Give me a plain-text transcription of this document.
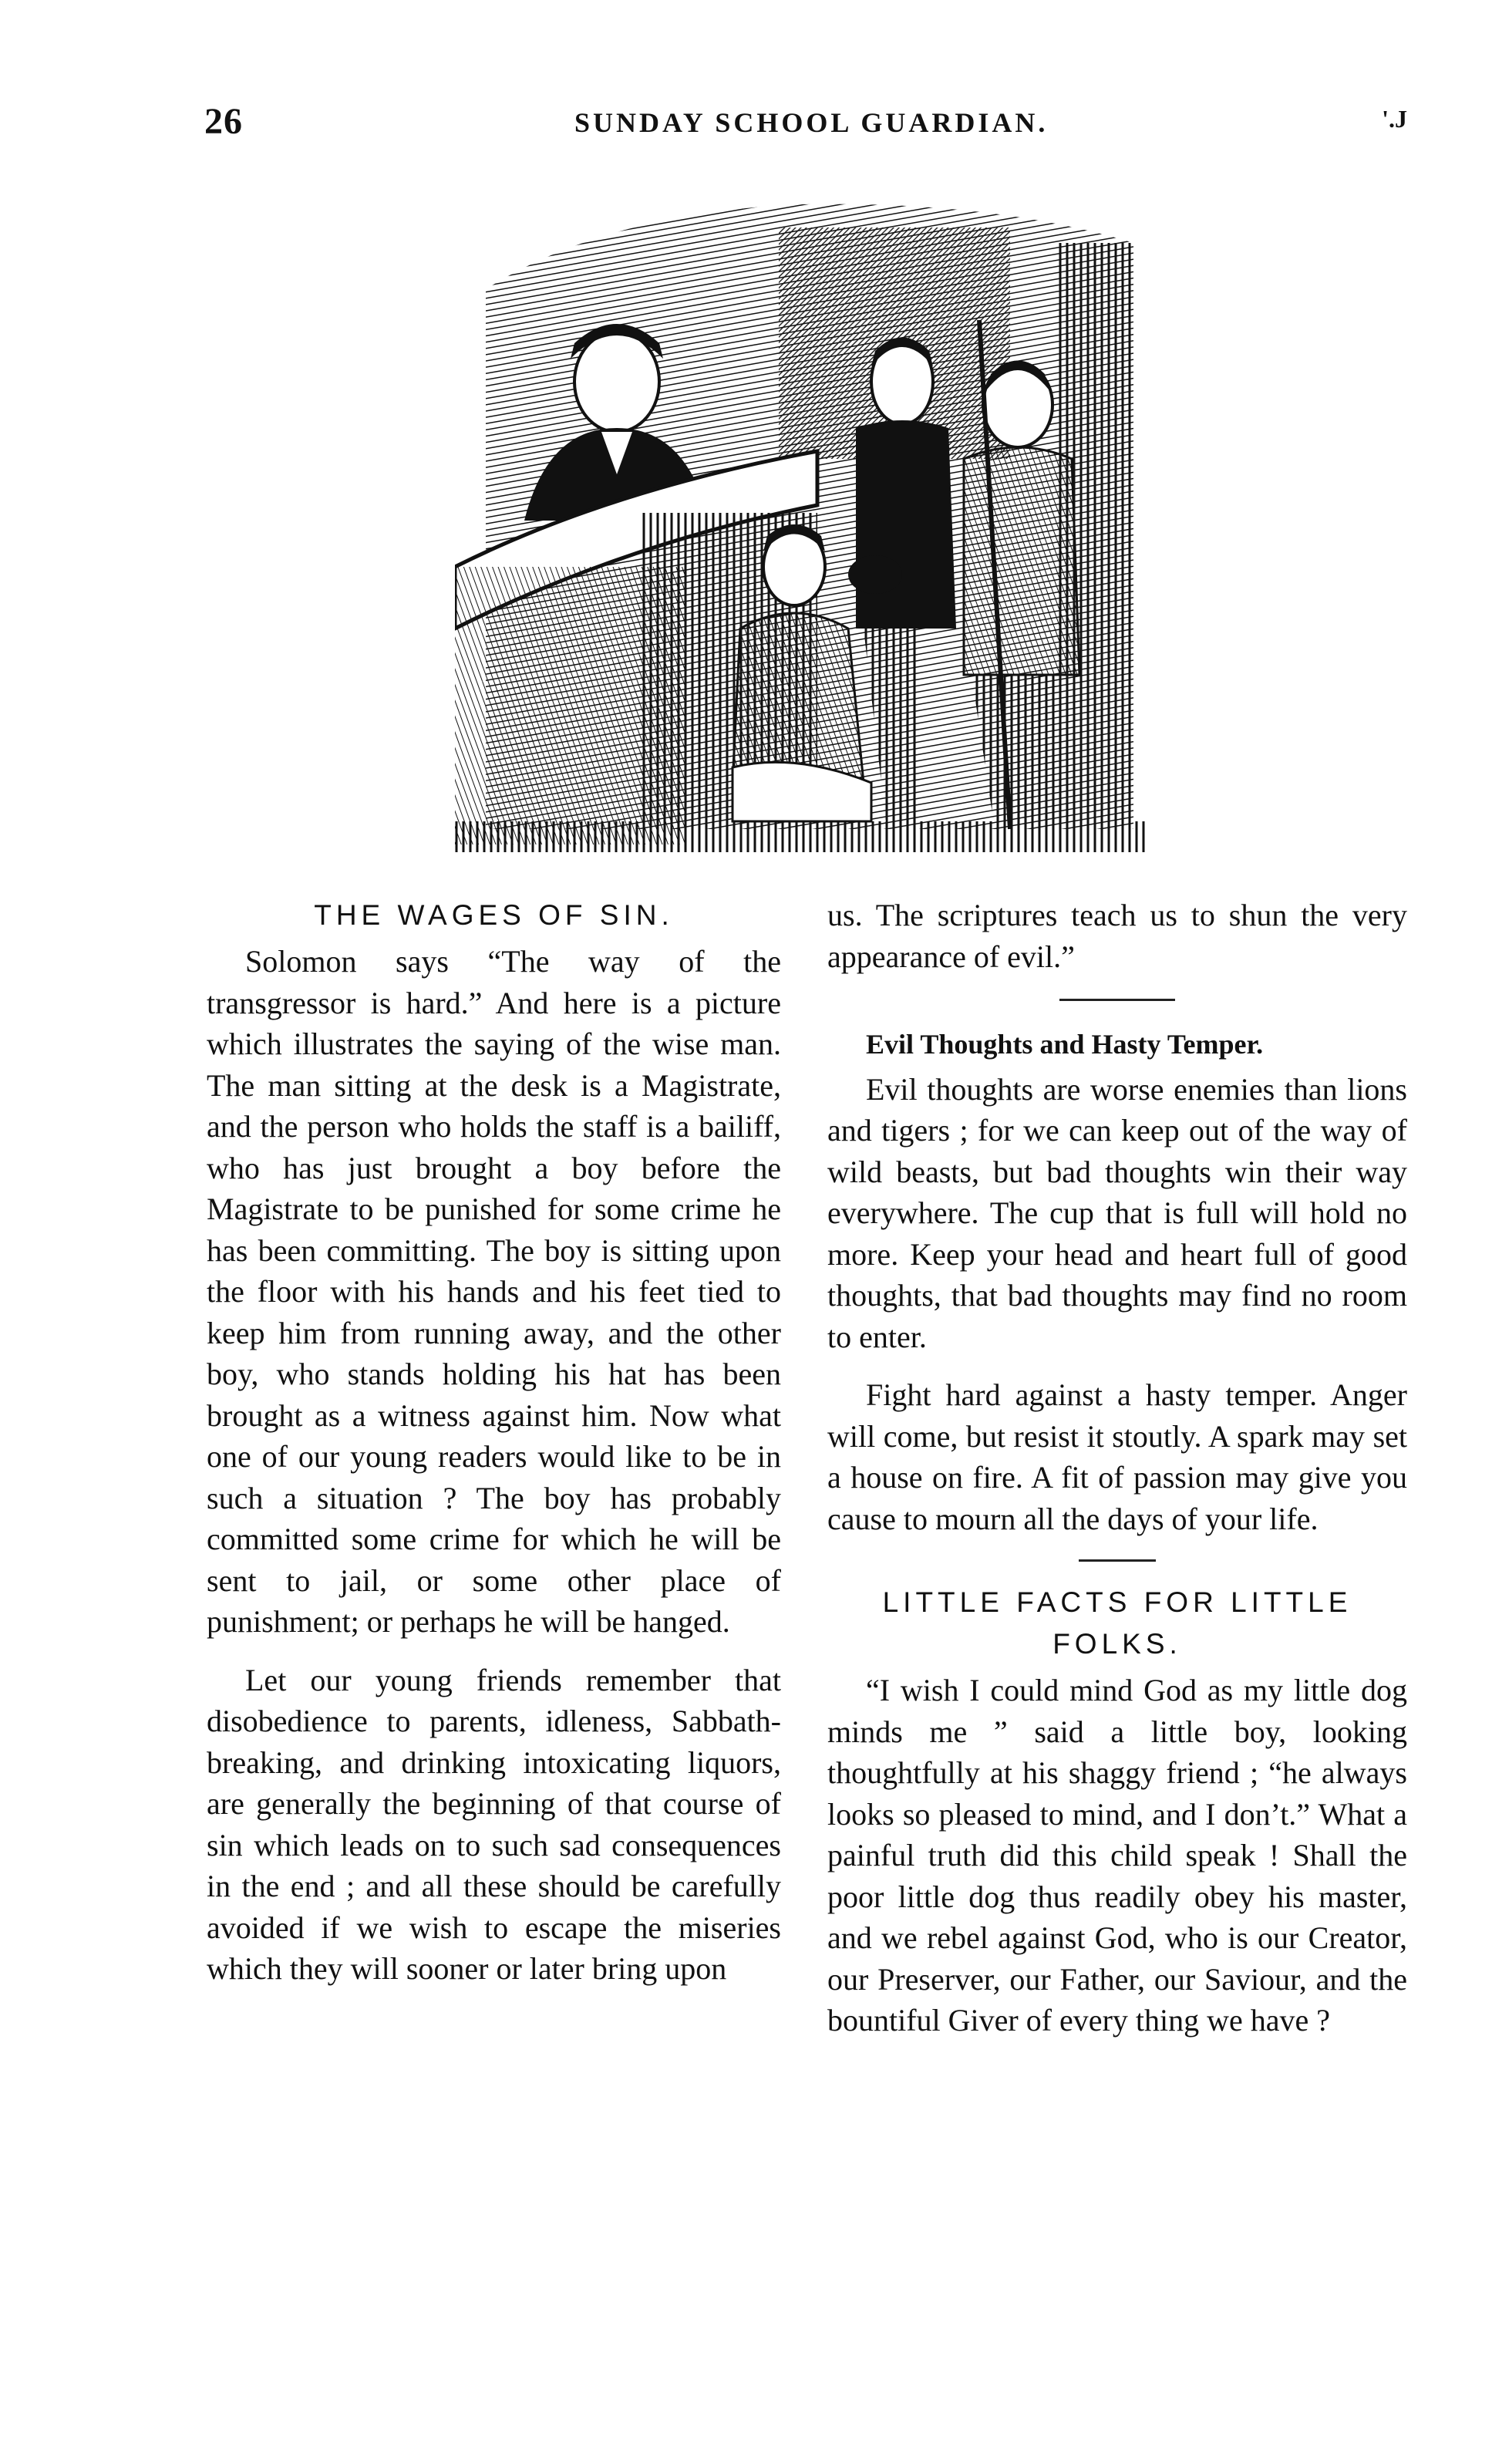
26	SUNDAY SCHOOL GUARDIAN.	'.J
THE WAGES OF SIN.

Solomon says “The way of the transgressor is hard.” And here is a picture which illustrates the saying of the wise man. The man sitting at the desk is a Magistrate, and the person who holds the staff is a bailiff, who has just brought a boy before the Magistrate to be punished for some crime he has been committing. The boy is sitting upon the floor with his hands and his feet tied to keep him from running away, and the other boy, who stands holding his hat has been brought as a witness against him. Now what one of our young readers would like to be in such a situation ? The boy has probably committed some crime for which he will be sent to jail, or some other place of punishment; or perhaps he will be hanged.

Let our young friends remember that disobedience to parents, idleness, Sabbath-breaking, and drinking intoxicating liquors, are generally the beginning of that course of sin which leads on to such sad consequences in the end ; and all these should be carefully avoided if we wish to escape the miseries which they will sooner or later bring upon

us. The scriptures teach us to shun the very appearance of evil.”

Evil Thoughts and Hasty Temper.

Evil thoughts are worse enemies than lions and tigers ; for we can keep out of the way of wild beasts, but bad thoughts win their way everywhere. The cup that is full will hold no more. Keep your head and heart full of good thoughts, that bad thoughts may find no room to enter.

Fight hard against a hasty temper. Anger will come, but resist it stoutly. A spark may set a house on fire. A fit of passion may give you cause to mourn all the days of your life.

LITTLE FACTS FOR LITTLE FOLKS.

“I wish I could mind God as my little dog minds me ” said a little boy, looking thoughtfully at his shaggy friend ; “he always looks so pleased to mind, and I don’t.” What a painful truth did this child speak ! Shall the poor little dog thus readily obey his master, and we rebel against God, who is our Creator, our Preserver, our Father, our Saviour, and the bountiful Giver of every thing we have ?
